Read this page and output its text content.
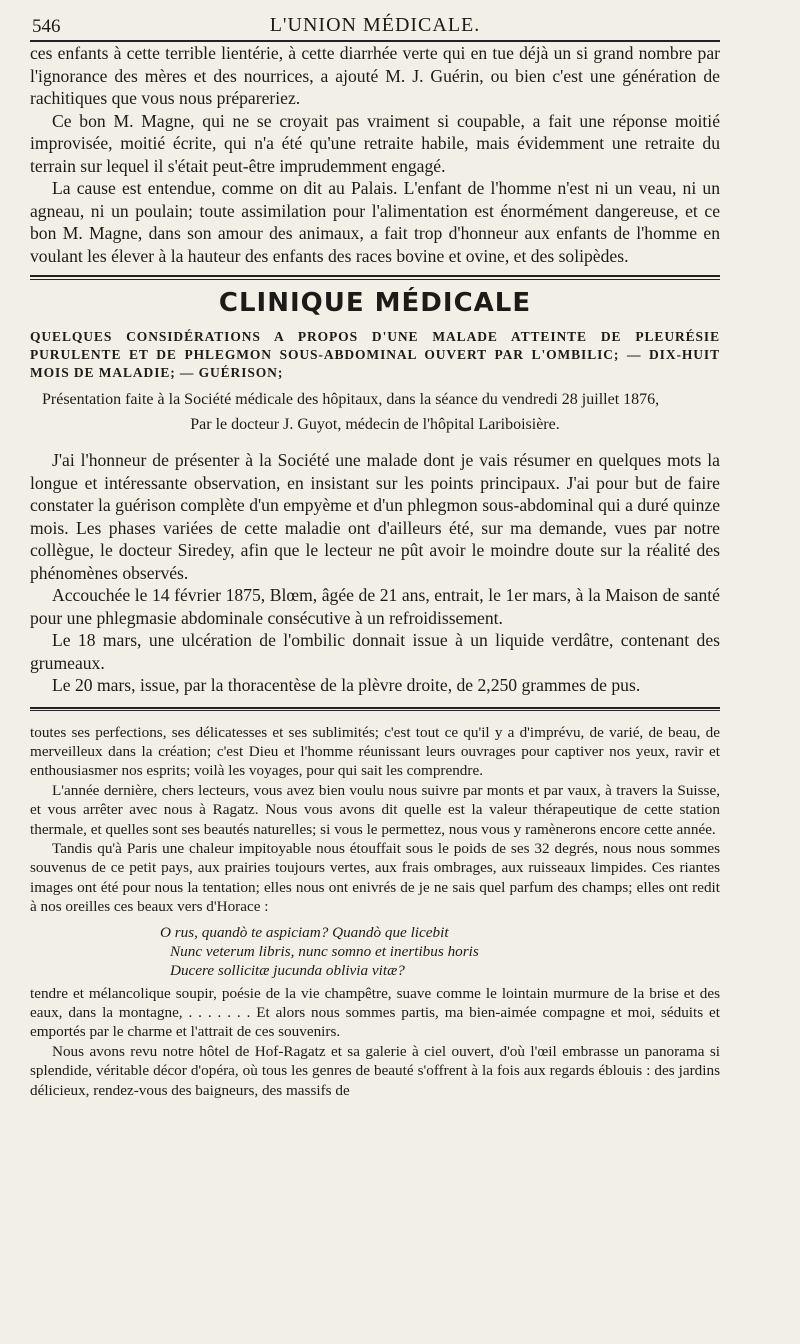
546	L'UNION MÉDICALE.

ces enfants à cette terrible lientérie, à cette diarrhée verte qui en tue déjà un si grand nombre par l'ignorance des mères et des nourrices, a ajouté M. J. Guérin, ou bien c'est une génération de rachitiques que vous nous prépareriez.

Ce bon M. Magne, qui ne se croyait pas vraiment si coupable, a fait une réponse moitié improvisée, moitié écrite, qui n'a été qu'une retraite habile, mais évidemment une retraite du terrain sur lequel il s'était peut-être imprudemment engagé.

La cause est entendue, comme on dit au Palais. L'enfant de l'homme n'est ni un veau, ni un agneau, ni un poulain; toute assimilation pour l'alimentation est énormément dangereuse, et ce bon M. Magne, dans son amour des animaux, a fait trop d'honneur aux enfants de l'homme en voulant les élever à la hauteur des enfants des races bovine et ovine, et des solipèdes.

CLINIQUE MÉDICALE
QUELQUES CONSIDÉRATIONS A PROPOS D'UNE MALADE ATTEINTE DE PLEURÉSIE PURULENTE ET DE PHLEGMON SOUS-ABDOMINAL OUVERT PAR L'OMBILIC; — DIX-HUIT MOIS DE MALADIE; — GUÉRISON;

Présentation faite à la Société médicale des hôpitaux, dans la séance du vendredi 28 juillet 1876,

Par le docteur J. Guyot, médecin de l'hôpital Lariboisière.

J'ai l'honneur de présenter à la Société une malade dont je vais résumer en quelques mots la longue et intéressante observation, en insistant sur les points principaux. J'ai pour but de faire constater la guérison complète d'un empyème et d'un phlegmon sous-abdominal qui a duré quinze mois. Les phases variées de cette maladie ont d'ailleurs été, sur ma demande, vues par notre collègue, le docteur Siredey, afin que le lecteur ne pût avoir le moindre doute sur la réalité des phénomènes observés.

Accouchée le 14 février 1875, Blœm, âgée de 21 ans, entrait, le 1er mars, à la Maison de santé pour une phlegmasie abdominale consécutive à un refroidissement.

Le 18 mars, une ulcération de l'ombilic donnait issue à un liquide verdâtre, contenant des grumeaux.

Le 20 mars, issue, par la thoracentèse de la plèvre droite, de 2,250 grammes de pus.

toutes ses perfections, ses délicatesses et ses sublimités; c'est tout ce qu'il y a d'imprévu, de varié, de beau, de merveilleux dans la création; c'est Dieu et l'homme réunissant leurs ouvrages pour captiver nos yeux, ravir et enthousiasmer nos esprits; voilà les voyages, pour qui sait les comprendre.

L'année dernière, chers lecteurs, vous avez bien voulu nous suivre par monts et par vaux, à travers la Suisse, et vous arrêter avec nous à Ragatz. Nous vous avons dit quelle est la valeur thérapeutique de cette station thermale, et quelles sont ses beautés naturelles; si vous le permettez, nous vous y ramènerons encore cette année.

Tandis qu'à Paris une chaleur impitoyable nous étouffait sous le poids de ses 32 degrés, nous nous sommes souvenus de ce petit pays, aux prairies toujours vertes, aux frais ombrages, aux ruisseaux limpides. Ces riantes images ont été pour nous la tentation; elles nous ont enivrés de je ne sais quel parfum des champs; elles ont redit à nos oreilles ces beaux vers d'Horace :

O rus, quandò te aspiciam? Quandò que licebit
Nunc veterum libris, nunc somno et inertibus horis
Ducere sollicitæ jucunda oblivia vitæ?

tendre et mélancolique soupir, poésie de la vie champêtre, suave comme le lointain murmure de la brise et des eaux, dans la montagne, . . . . . . . Et alors nous sommes partis, ma bien-aimée compagne et moi, séduits et emportés par le charme et l'attrait de ces souvenirs.

Nous avons revu notre hôtel de Hof-Ragatz et sa galerie à ciel ouvert, d'où l'œil embrasse un panorama si splendide, véritable décor d'opéra, où tous les genres de beauté s'offrent à la fois aux regards éblouis : des jardins délicieux, rendez-vous des baigneurs, des massifs de
